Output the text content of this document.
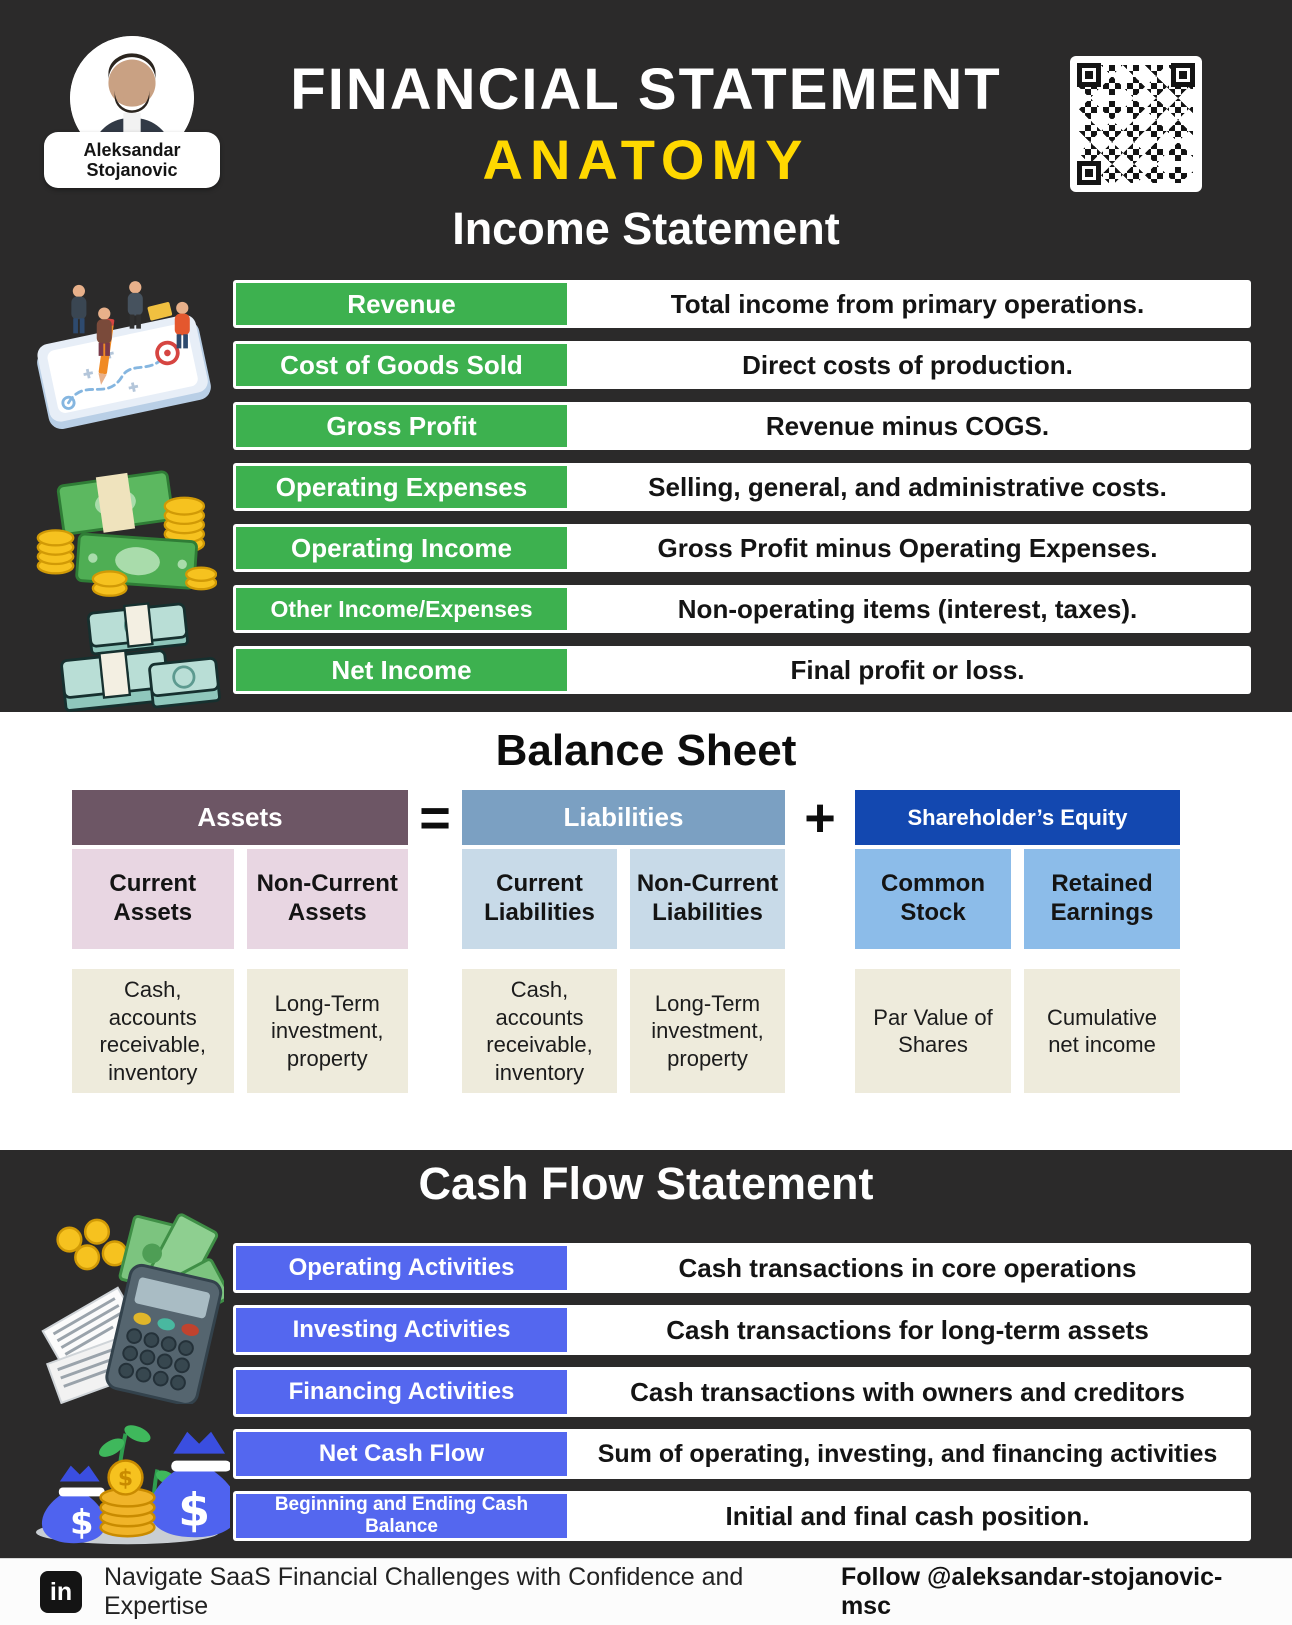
Aleksandar
Stojanovic
FINANCIAL STATEMENT
ANATOMY
Income Statement
Revenue	Total income from primary operations.
Cost of Goods Sold	Direct costs of production.
Gross Profit	Revenue minus COGS.
Operating Expenses	Selling, general, and administrative costs.
Operating Income	Gross Profit minus Operating Expenses.
Other Income/Expenses	Non-operating items (interest, taxes).
Net Income	Final profit or loss.
Balance Sheet
Assets
Current Assets
Cash, accounts receivable, inventory
Non-Current Assets
Long-Term investment, property
=	Liabilities
Current Liabilities
Cash, accounts receivable, inventory
Non-Current Liabilities
Long-Term investment, property
+	Shareholder’s Equity
Common Stock
Par Value of Shares
Retained Earnings
Cumulative net income
Cash Flow Statement
$ $
$
Operating Activities	Cash transactions in core operations
Investing Activities	Cash transactions for long-term assets
Financing Activities	Cash transactions with owners and creditors
Net Cash Flow	Sum of operating, investing, and financing activities
Beginning and Ending Cash Balance	Initial and final cash position.
in
Navigate SaaS Financial Challenges with Confidence and Expertise
Follow @aleksandar-stojanovic-msc
